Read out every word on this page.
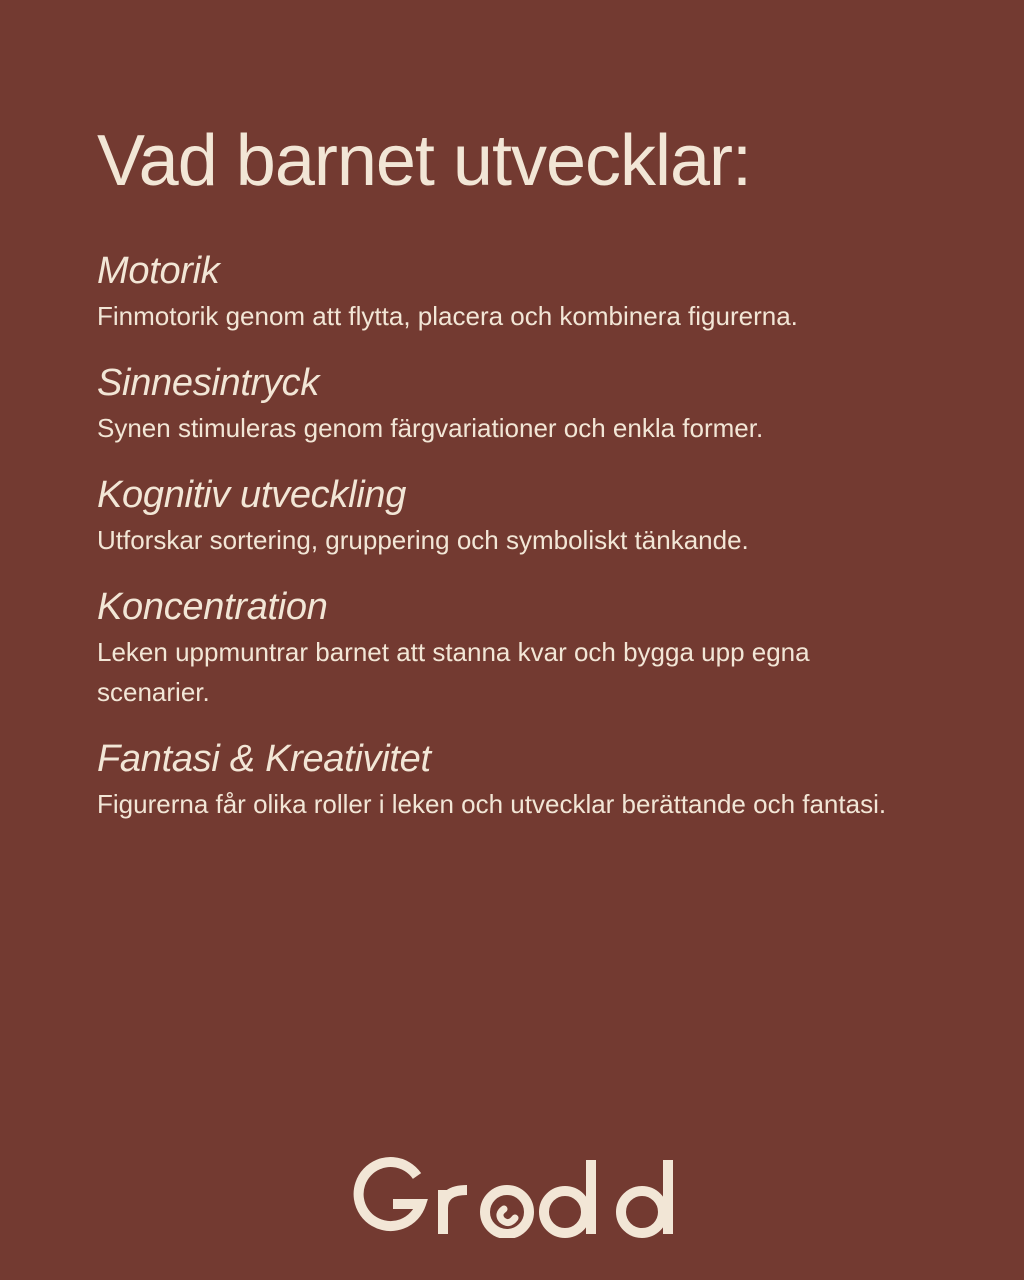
Vad barnet utvecklar:
Motorik

Finmotorik genom att flytta, placera och kombinera figurerna.

Sinnesintryck

Synen stimuleras genom färgvariationer och enkla former.

Kognitiv utveckling

Utforskar sortering, gruppering och symboliskt tänkande.

Koncentration

Leken uppmuntrar barnet att stanna kvar och bygga upp egna scenarier.

Fantasi & Kreativitet

Figurerna får olika roller i leken och utvecklar berättande och fantasi.
